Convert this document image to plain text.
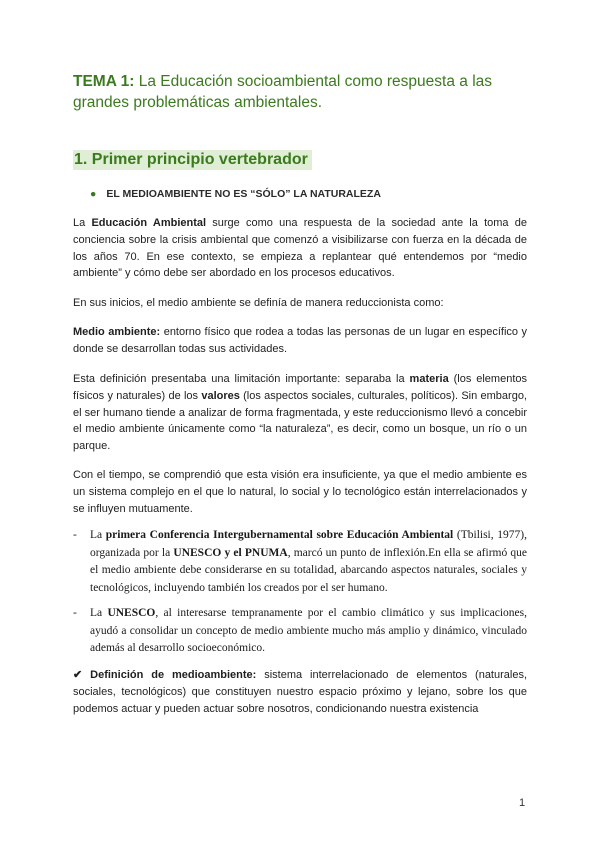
TEMA 1: La Educación socioambiental como respuesta a las grandes problemáticas ambientales.
1. Primer principio vertebrador
● EL MEDIOAMBIENTE NO ES “SÓLO” LA NATURALEZA
La Educación Ambiental surge como una respuesta de la sociedad ante la toma de conciencia sobre la crisis ambiental que comenzó a visibilizarse con fuerza en la década de los años 70. En ese contexto, se empieza a replantear qué entendemos por “medio ambiente” y cómo debe ser abordado en los procesos educativos.
En sus inicios, el medio ambiente se definía de manera reduccionista como:
Medio ambiente: entorno físico que rodea a todas las personas de un lugar en específico y donde se desarrollan todas sus actividades.
Esta definición presentaba una limitación importante: separaba la materia (los elementos físicos y naturales) de los valores (los aspectos sociales, culturales, políticos). Sin embargo, el ser humano tiende a analizar de forma fragmentada, y este reduccionismo llevó a concebir el medio ambiente únicamente como “la naturaleza”, es decir, como un bosque, un río o un parque.
Con el tiempo, se comprendió que esta visión era insuficiente, ya que el medio ambiente es un sistema complejo en el que lo natural, lo social y lo tecnológico están interrelacionados y se influyen mutuamente.
- La primera Conferencia Intergubernamental sobre Educación Ambiental (Tbilisi, 1977), organizada por la UNESCO y el PNUMA, marcó un punto de inflexión.En ella se afirmó que el medio ambiente debe considerarse en su totalidad, abarcando aspectos naturales, sociales y tecnológicos, incluyendo también los creados por el ser humano.
- La UNESCO, al interesarse tempranamente por el cambio climático y sus implicaciones, ayudó a consolidar un concepto de medio ambiente mucho más amplio y dinámico, vinculado además al desarrollo socioeconómico.
✔ Definición de medioambiente: sistema interrelacionado de elementos (naturales, sociales, tecnológicos) que constituyen nuestro espacio próximo y lejano, sobre los que podemos actuar y pueden actuar sobre nosotros, condicionando nuestra existencia
1
